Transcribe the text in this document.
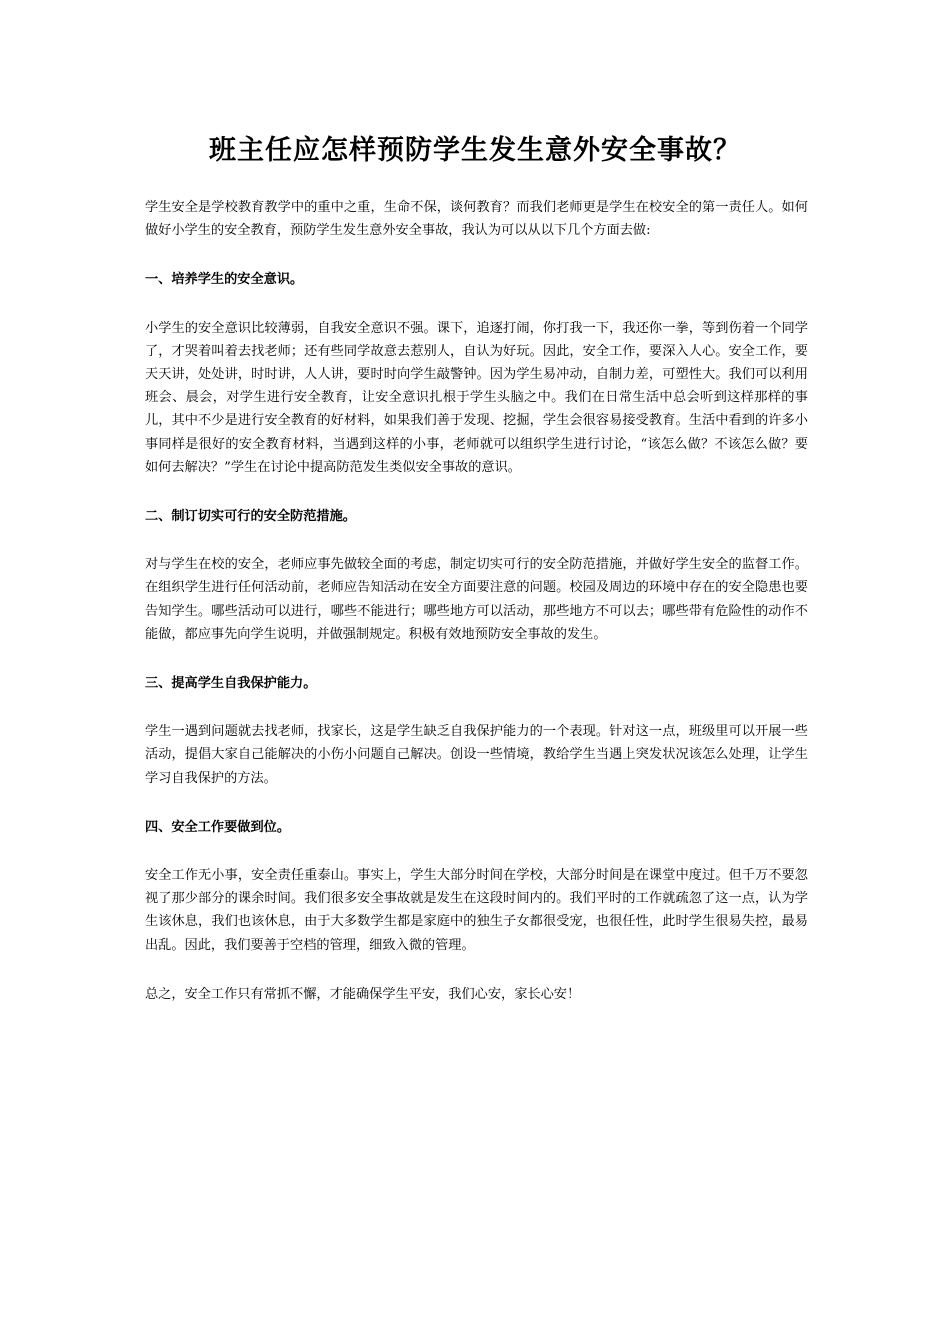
班主任应怎样预防学生发生意外安全事故？

学生安全是学校教育教学中的重中之重，生命不保，谈何教育？而我们老师更是学生在校安全的第一责任人。如何做好小学生的安全教育，预防学生发生意外安全事故，我认为可以从以下几个方面去做:

一、培养学生的安全意识。

小学生的安全意识比较薄弱，自我安全意识不强。课下，追逐打闹，你打我一下，我还你一拳，等到伤着一个同学了，才哭着叫着去找老师；还有些同学故意去惹别人，自认为好玩。因此，安全工作，要深入人心。安全工作，要天天讲，处处讲，时时讲，人人讲，要时时向学生敲警钟。因为学生易冲动，自制力差，可塑性大。我们可以利用班会、晨会，对学生进行安全教育，让安全意识扎根于学生头脑之中。我们在日常生活中总会听到这样那样的事儿，其中不少是进行安全教育的好材料，如果我们善于发现、挖掘，学生会很容易接受教育。生活中看到的许多小事同样是很好的安全教育材料，当遇到这样的小事，老师就可以组织学生进行讨论，“该怎么做？不该怎么做？要如何去解决？”学生在讨论中提高防范发生类似安全事故的意识。

二、制订切实可行的安全防范措施。

对与学生在校的安全，老师应事先做较全面的考虑，制定切实可行的安全防范措施，并做好学生安全的监督工作。在组织学生进行任何活动前，老师应告知活动在安全方面要注意的问题。校园及周边的环境中存在的安全隐患也要告知学生。哪些活动可以进行，哪些不能进行；哪些地方可以活动，那些地方不可以去；哪些带有危险性的动作不能做，都应事先向学生说明，并做强制规定。积极有效地预防安全事故的发生。

三、提高学生自我保护能力。

学生一遇到问题就去找老师，找家长，这是学生缺乏自我保护能力的一个表现。针对这一点，班级里可以开展一些活动，提倡大家自己能解决的小伤小问题自己解决。创设一些情境，教给学生当遇上突发状况该怎么处理，让学生学习自我保护的方法。

四、安全工作要做到位。

安全工作无小事，安全责任重泰山。事实上，学生大部分时间在学校，大部分时间是在课堂中度过。但千万不要忽视了那少部分的课余时间。我们很多安全事故就是发生在这段时间内的。我们平时的工作就疏忽了这一点，认为学生该休息，我们也该休息，由于大多数学生都是家庭中的独生子女都很受宠，也很任性，此时学生很易失控，最易出乱。因此，我们要善于空档的管理，细致入微的管理。

总之，安全工作只有常抓不懈，才能确保学生平安，我们心安，家长心安！
